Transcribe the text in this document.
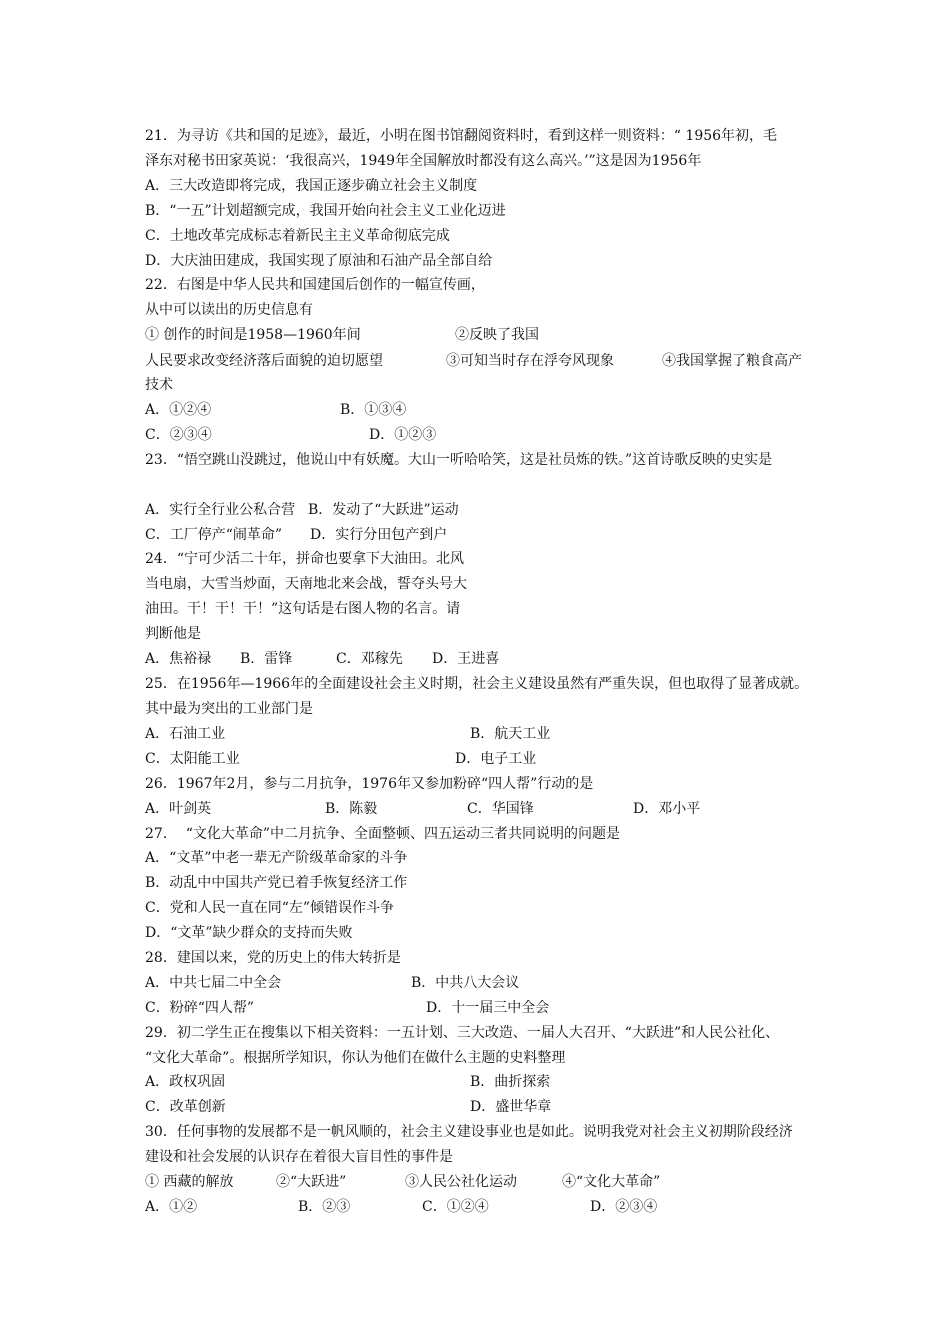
21．为寻访《共和国的足迹》，最近，小明在图书馆翻阅资料时，看到这样一则资料：“ 1956年初，毛
泽东对秘书田家英说：‘我很高兴，1949年全国解放时都没有这么高兴。’”这是因为1956年
A．三大改造即将完成，我国正逐步确立社会主义制度
B．“一五”计划超额完成，我国开始向社会主义工业化迈进
C．土地改革完成标志着新民主主义革命彻底完成
D．大庆油田建成，我国实现了原油和石油产品全部自给
22．右图是中华人民共和国建国后创作的一幅宣传画，
从中可以读出的历史信息有
① 创作的时间是1958—1960年间	②反映了我国
人民要求改变经济落后面貌的迫切愿望	③可知当时存在浮夸风现象	④我国掌握了粮食高产
技术
A．①②④	B．①③④
C．②③④	D．①②③
23．“悟空跳山没跳过，他说山中有妖魔。大山一听哈哈笑，这是社员炼的铁。”这首诗歌反映的史实是
A．实行全行业公私合营 B．发动了“大跃进”运动
C．工厂停产“闹革命” D．实行分田包产到户
24．“宁可少活二十年，拼命也要拿下大油田。北风
当电扇，大雪当炒面，天南地北来会战，誓夺头号大
油田。干！干！干！”这句话是右图人物的名言。请
判断他是
A．焦裕禄 B．雷锋	C．邓稼先 D．王进喜
25．在1956年—1966年的全面建设社会主义时期，社会主义建设虽然有严重失误，但也取得了显著成就。
其中最为突出的工业部门是
A．石油工业	B．航天工业
C．太阳能工业	D．电子工业
26．1967年2月，参与二月抗争，1976年又参加粉碎“四人帮”行动的是
A．叶剑英	B．陈毅	C．华国锋	D．邓小平
27．  “文化大革命”中二月抗争、全面整顿、四五运动三者共同说明的问题是
A．“文革”中老一辈无产阶级革命家的斗争
B．动乱中中国共产党已着手恢复经济工作
C．党和人民一直在同“左”倾错误作斗争
D．“文革”缺少群众的支持而失败
28．建国以来，党的历史上的伟大转折是
A．中共七届二中全会	B．中共八大会议
C．粉碎“四人帮”	D．十一届三中全会
29．初二学生正在搜集以下相关资料：一五计划、三大改造、一届人大召开、“大跃进”和人民公社化、
“文化大革命”。根据所学知识，你认为他们在做什么主题的史料整理
A．政权巩固	B．曲折探索
C．改革创新	D．盛世华章
30．任何事物的发展都不是一帆风顺的，社会主义建设事业也是如此。说明我党对社会主义初期阶段经济
建设和社会发展的认识存在着很大盲目性的事件是
① 西藏的解放	②“大跃进”	③人民公社化运动	④“文化大革命”
A．①②	B．②③	C．①②④	D．②③④
